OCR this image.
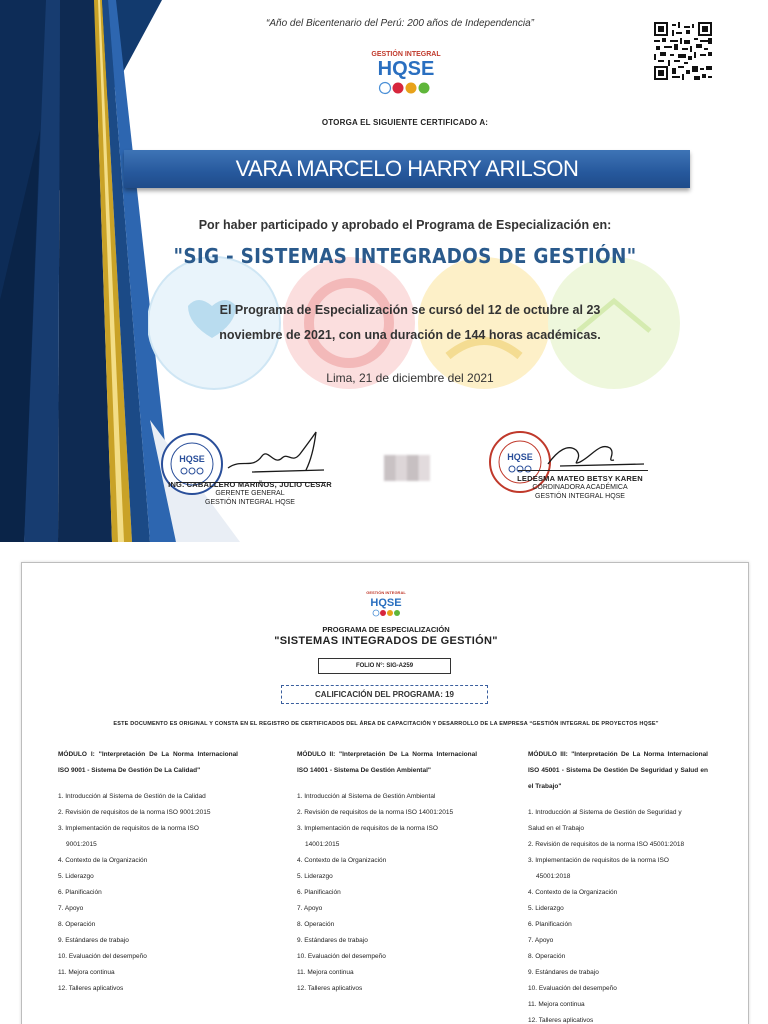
“Año del Bicentenario del Perú: 200 años de Independencia”
GESTIÓN INTEGRAL
HQSE
OTORGA EL SIGUIENTE CERTIFICADO A:
VARA MARCELO HARRY ARILSON
Por haber participado y aprobado el Programa de Especialización en:
"SIG - SISTEMAS INTEGRADOS DE GESTIÓN"
El Programa de Especialización se cursó del 12 de octubre al 23
noviembre de 2021, con una duración de 144 horas académicas.
Lima, 21 de diciembre del 2021
HQSE
ING. CABALLERO MARIÑOS, JULIO CESAR
GERENTE GENERAL
GESTIÓN INTEGRAL HQSE
HQSE
LEDESMA MATEO BETSY KAREN
CORDINADORA ACADÉMICA
GESTIÓN INTEGRAL HQSE
GESTIÓN INTEGRAL
HQSE
PROGRAMA DE ESPECIALIZACIÓN
"SISTEMAS INTEGRADOS DE GESTIÓN"
FOLIO N°: SIG-A259
CALIFICACIÓN DEL PROGRAMA: 19
ESTE DOCUMENTO ES ORIGINAL Y CONSTA EN EL REGISTRO DE CERTIFICADOS DEL ÁREA DE CAPACITACIÓN Y DESARROLLO DE LA EMPRESA “GESTIÓN INTEGRAL DE PROYECTOS HQSE”
MÓDULO I: "Interpretación De La Norma Internacional ISO 9001 - Sistema De Gestión De La Calidad"
1. Introducción al Sistema de Gestión de la Calidad
2. Revisión de requisitos de la norma ISO 9001:2015
3. Implementación de requisitos de la norma ISO
9001:2015
4. Contexto de la Organización
5. Liderazgo
6. Planificación
7. Apoyo
8. Operación
9. Estándares de trabajo
10. Evaluación del desempeño
11. Mejora continua
12. Talleres aplicativos
MÓDULO II: "Interpretación De La Norma Internacional ISO 14001 - Sistema De Gestión Ambiental"
1. Introducción al Sistema de Gestión Ambiental
2. Revisión de requisitos de la norma ISO 14001:2015
3. Implementación de requisitos de la norma ISO
14001:2015
4. Contexto de la Organización
5. Liderazgo
6. Planificación
7. Apoyo
8. Operación
9. Estándares de trabajo
10. Evaluación del desempeño
11. Mejora continua
12. Talleres aplicativos
MÓDULO III: "Interpretación De La Norma Internacional ISO 45001 - Sistema De Gestión De Seguridad y Salud en el Trabajo"
1. Introducción al Sistema de Gestión de Seguridad y
Salud en el Trabajo
2. Revisión de requisitos de la norma ISO 45001:2018
3. Implementación de requisitos de la norma ISO
45001:2018
4. Contexto de la Organización
5. Liderazgo
6. Planificación
7. Apoyo
8. Operación
9. Estándares de trabajo
10. Evaluación del desempeño
11. Mejora continua
12. Talleres aplicativos
